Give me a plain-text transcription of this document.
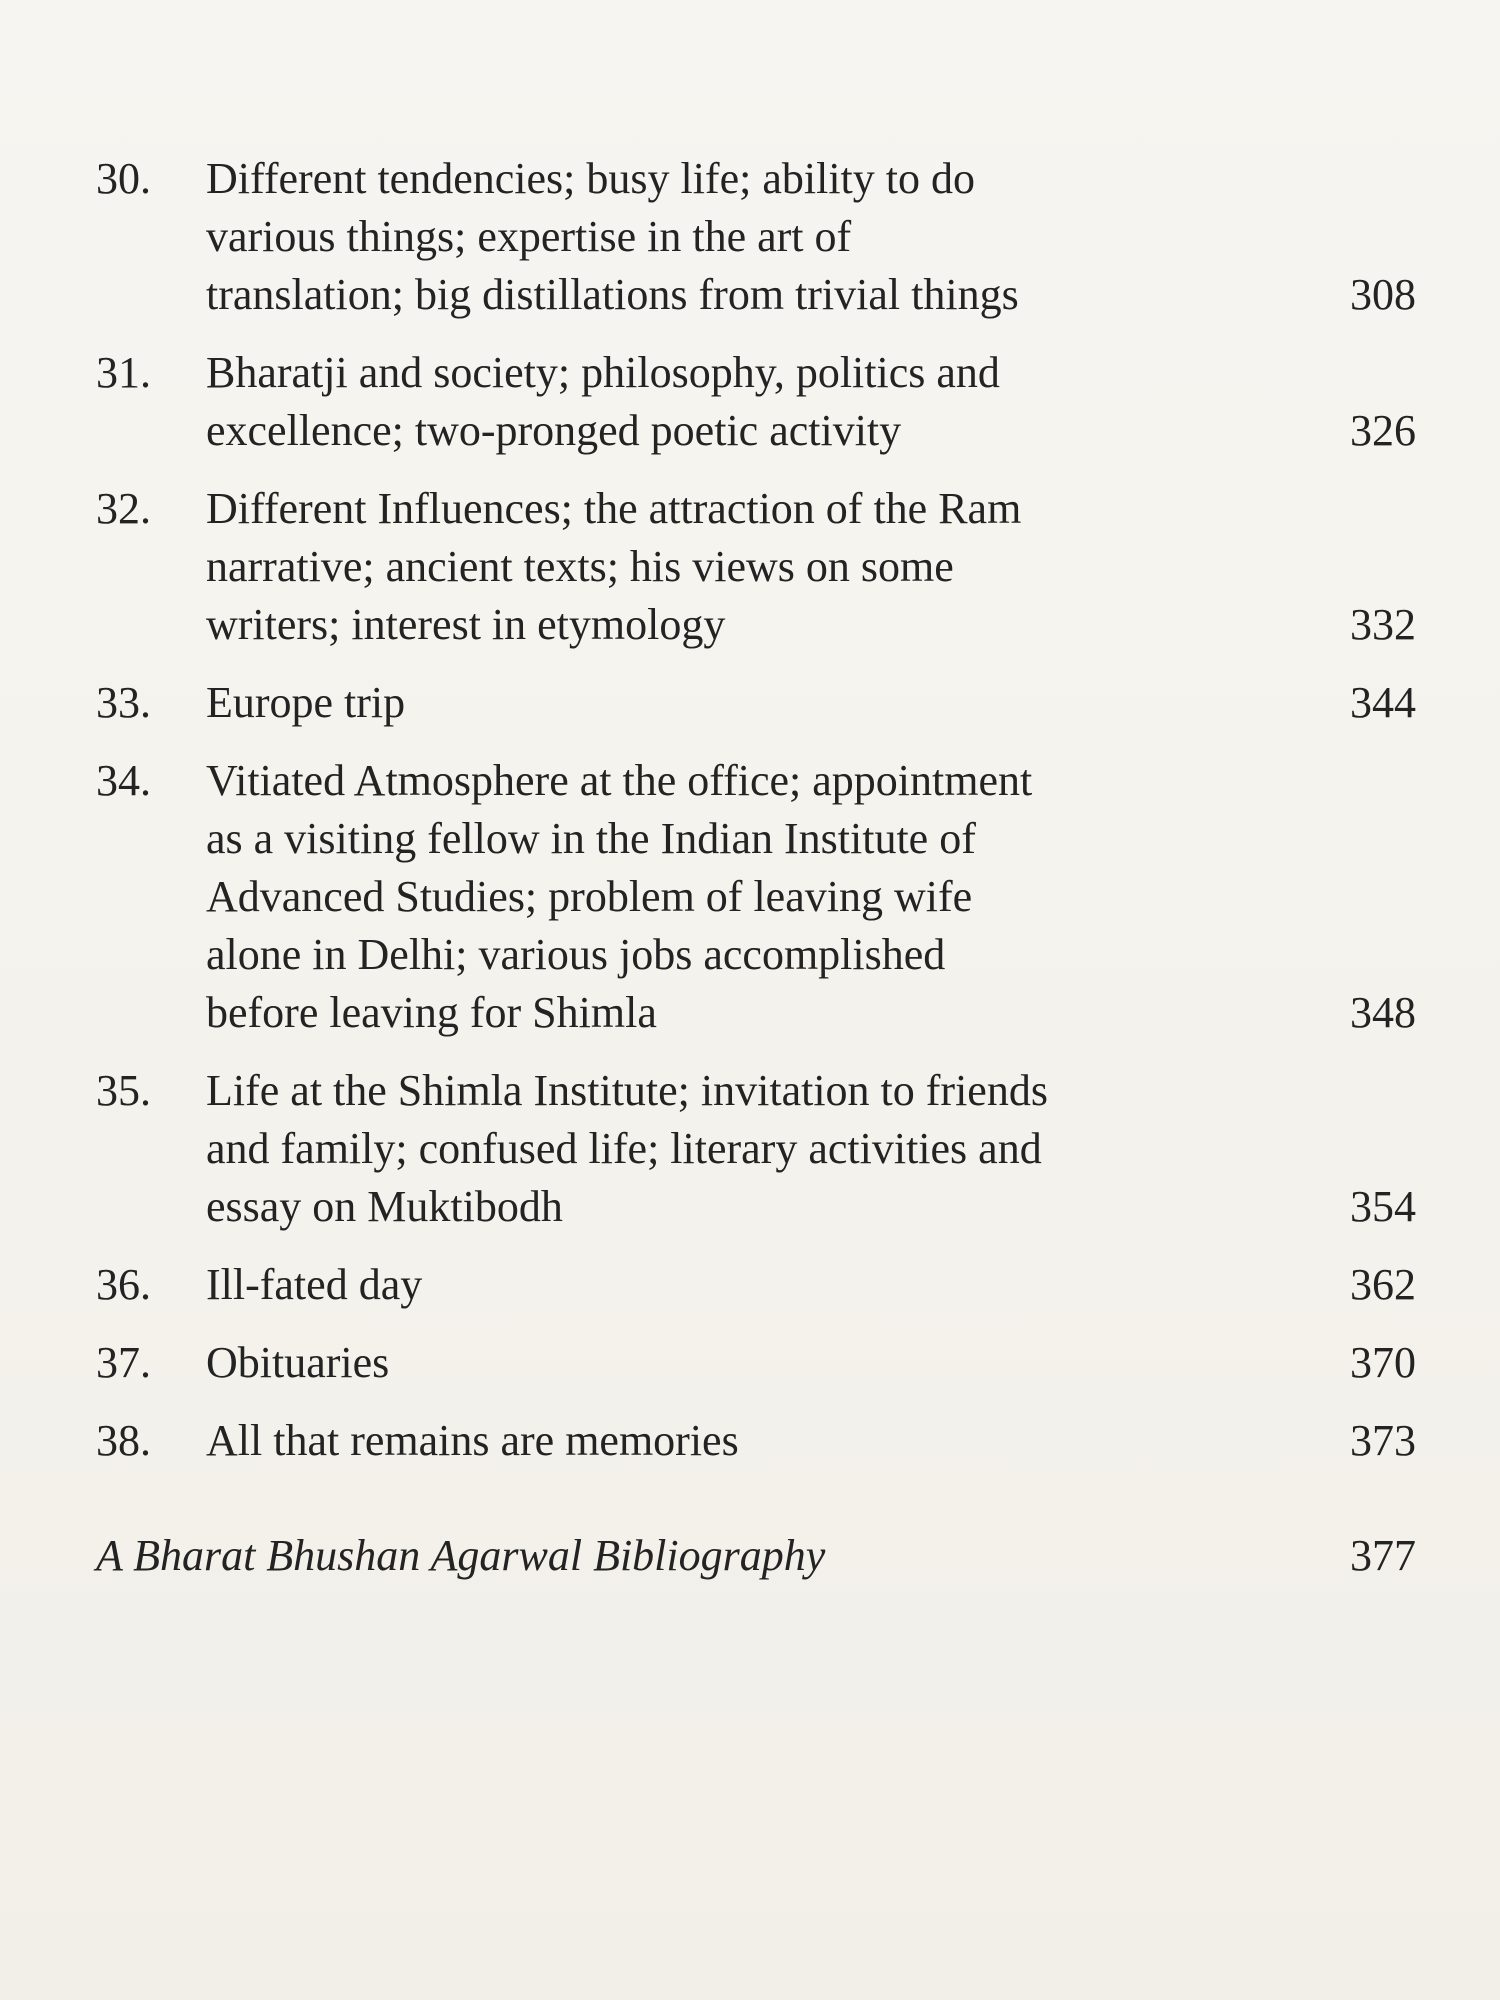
30.	Different tendencies; busy life; ability to do
various things; expertise in the art of
translation; big distillations from trivial things	308
31.	Bharatji and society; philosophy, politics and
excellence; two-pronged poetic activity	326
32.	Different Influences; the attraction of the Ram
narrative; ancient texts; his views on some
writers; interest in etymology	332
33.	Europe trip	344
34.	Vitiated Atmosphere at the office; appointment
as a visiting fellow in the Indian Institute of
Advanced Studies; problem of leaving wife
alone in Delhi; various jobs accomplished
before leaving for Shimla	348
35.	Life at the Shimla Institute; invitation to friends
and family; confused life; literary activities and
essay on Muktibodh	354
36.	Ill-fated day	362
37.	Obituaries	370
38.	All that remains are memories	373
A Bharat Bhushan Agarwal Bibliography	377
